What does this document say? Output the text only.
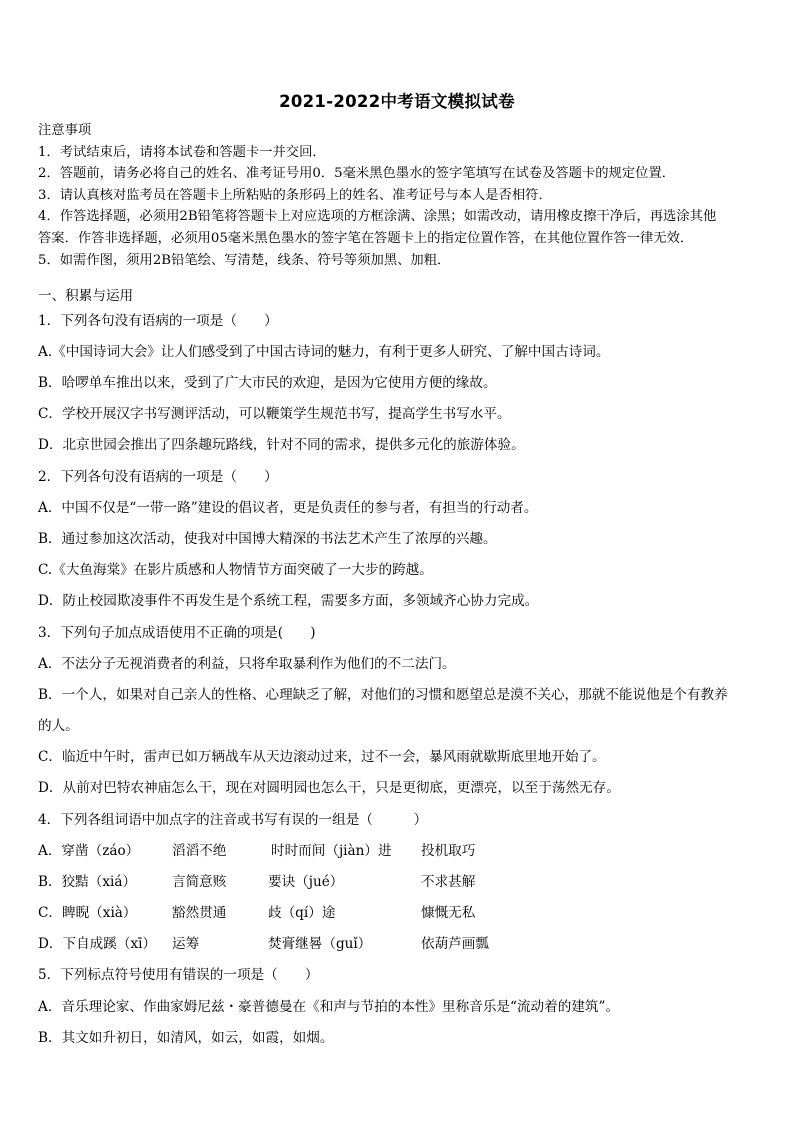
2021-2022中考语文模拟试卷
注意事项
1．考试结束后，请将本试卷和答题卡一并交回．
2．答题前，请务必将自己的姓名、准考证号用0．5毫米黑色墨水的签字笔填写在试卷及答题卡的规定位置．
3．请认真核对监考员在答题卡上所粘贴的条形码上的姓名、准考证号与本人是否相符．
4．作答选择题，必须用2B铅笔将答题卡上对应选项的方框涂满、涂黑；如需改动，请用橡皮擦干净后，再选涂其他
答案．作答非选择题，必须用05毫米黑色墨水的签字笔在答题卡上的指定位置作答，在其他位置作答一律无效．
5．如需作图，须用2B铅笔绘、写清楚，线条、符号等须加黑、加粗．
一、积累与运用
1．下列各句没有语病的一项是（　　）
A.《中国诗词大会》让人们感受到了中国古诗词的魅力，有利于更多人研究、了解中国古诗词。
B．哈啰单车推出以来，受到了广大市民的欢迎，是因为它使用方便的缘故。
C．学校开展汉字书写测评活动，可以鞭策学生规范书写，提高学生书写水平。
D．北京世园会推出了四条趣玩路线，针对不同的需求，提供多元化的旅游体验。
2．下列各句没有语病的一项是（　　）
A．中国不仅是“一带一路”建设的倡议者，更是负责任的参与者，有担当的行动者。
B．通过参加这次活动，使我对中国博大精深的书法艺术产生了浓厚的兴趣。
C.《大鱼海棠》在影片质感和人物情节方面突破了一大步的跨越。
D．防止校园欺凌事件不再发生是个系统工程，需要多方面，多领域齐心协力完成。
3．下列句子加点成语使用不正确的项是(　　)
A．不法分子无视消费者的利益，只将牟取暴利作为他们的不二法门。
B．一个人，如果对自己亲人的性格、心理缺乏了解，对他们的习惯和愿望总是漠不关心，那就不能说他是个有教养
的人。
C．临近中午时，雷声已如万辆战车从天边滚动过来，过不一会，暴风雨就歇斯底里地开始了。
D．从前对巴特农神庙怎么干，现在对圆明园也怎么干，只是更彻底，更漂亮，以至于荡然无存。
4．下列各组词语中加点字的注音或书写有误的一组是（　　　）
A．穿凿（záo） 滔滔不绝	时时而间（jiàn）进 投机取巧
B．狡黠（xiá）	言简意赅	要诀（jué）	不求甚解
C．睥睨（xià）	豁然贯通	歧（qí）途	慷慨无私
D．下自成蹊（xī） 运筹	焚膏继晷（guǐ）	依葫芦画瓢
5．下列标点符号使用有错误的一项是（　　）
A．音乐理论家、作曲家姆尼兹・豪普德曼在《和声与节拍的本性》里称音乐是“流动着的建筑”。
B．其文如升初日，如清风，如云，如霞，如烟。
